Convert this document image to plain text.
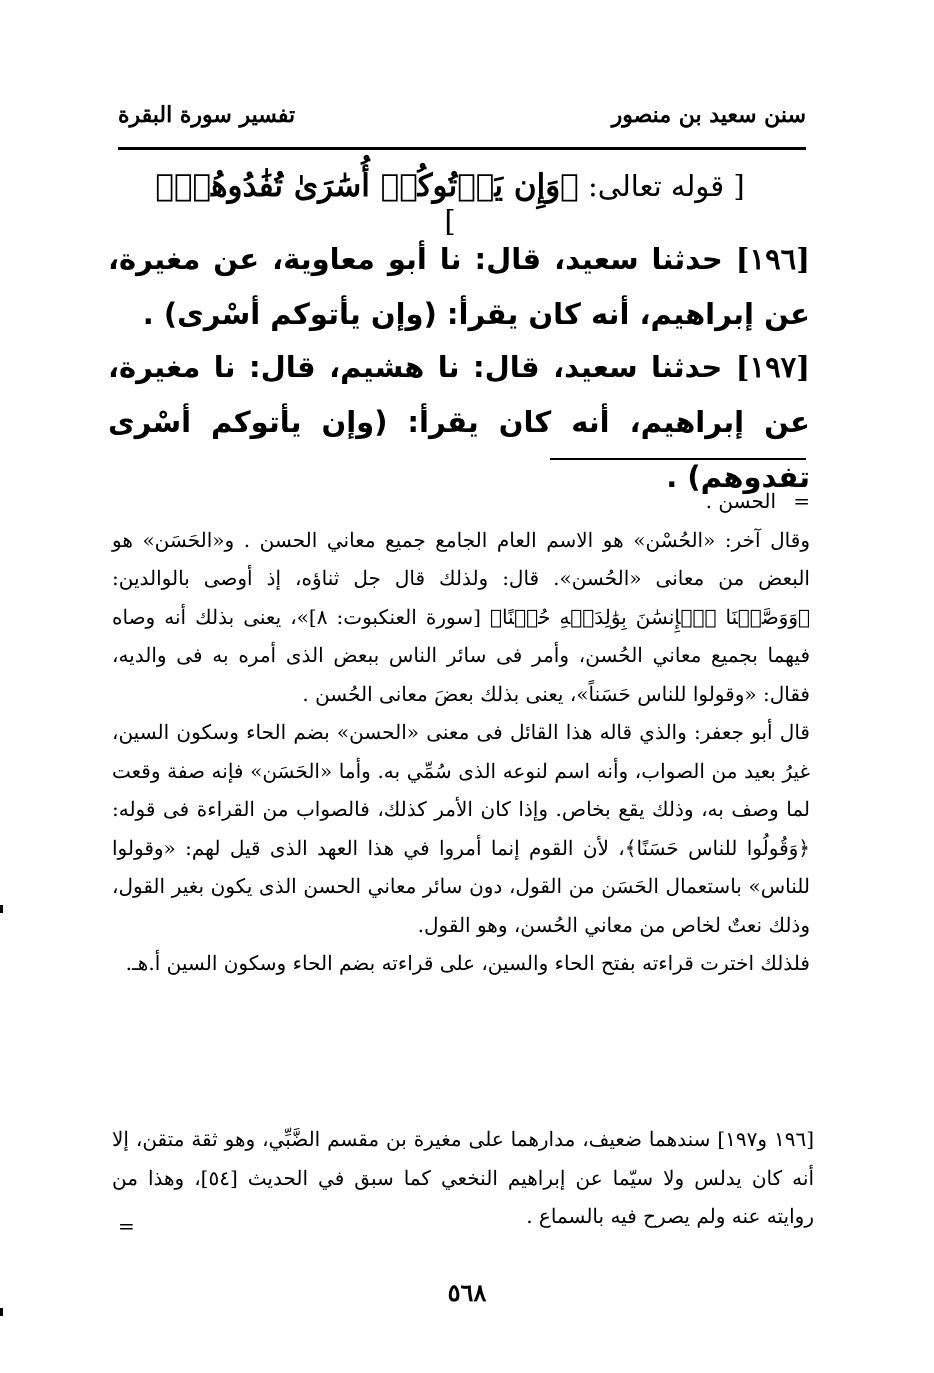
سنن سعيد بن منصور
تفسير سورة البقرة
[ قوله تعالى: ﴿وَإِن يَأۡتُوكُمۡ أُسَٰرَىٰ تُفَٰدُوهُمۡ﴾ ]
[١٩٦] حدثنا سعيد، قال: نا أبو معاوية، عن مغيرة، عن إبراهيم، أنه كان يقرأ: (وإن يأتوكم أسْرى) .
[١٩٧] حدثنا سعيد، قال: نا هشيم، قال: نا مغيرة، عن إبراهيم، أنه كان يقرأ: (وإن يأتوكم أسْرى تفدوهم) .
=

الحسن .

وقال آخر: «الحُسْن» هو الاسم العام الجامع جميع معاني الحسن . و«الحَسَن» هو البعض من معانى «الحُسن». قال: ولذلك قال جل ثناؤه، إذ أوصى بالوالدين: ﴿وَوَصَّيۡنَا ٱلۡإِنسَٰنَ بِوَٰلِدَيۡهِ حُسۡنًا﴾ [سورة العنكبوت: ٨]»، يعنى بذلك أنه وصاه فيهما بجميع معاني الحُسن، وأمر فى سائر الناس ببعض الذى أمره به فى والديه، فقال: «وقولوا للناس حَسَناً»، يعنى بذلك بعضَ معانى الحُسن .

قال أبو جعفر: والذي قاله هذا القائل فى معنى «الحسن» بضم الحاء وسكون السين، غيرُ بعيد من الصواب، وأنه اسم لنوعه الذى سُمِّي به. وأما «الحَسَن» فإنه صفة وقعت لما وصف به، وذلك يقع بخاص. وإذا كان الأمر كذلك، فالصواب من القراءة فى قوله: ﴿وَقُولُوا للناس حَسَنًا﴾، لأن القوم إنما أمروا في هذا العهد الذى قيل لهم: «وقولوا للناس» باستعمال الحَسَن من القول، دون سائر معاني الحسن الذى يكون بغير القول، وذلك نعتٌ لخاص من معاني الحُسن، وهو القول.

فلذلك اخترت قراءته بفتح الحاء والسين، على قراءته بضم الحاء وسكون السين أ.هـ.

[١٩٦ و١٩٧] سندهما ضعيف، مدارهما على مغيرة بن مقسم الضَّبِّي، وهو ثقة متقن، إلا أنه كان يدلس ولا سيّما عن إبراهيم النخعي كما سبق في الحديث [٥٤]، وهذا من روايته عنه ولم يصرح فيه بالسماع .

=
٥٦٨
